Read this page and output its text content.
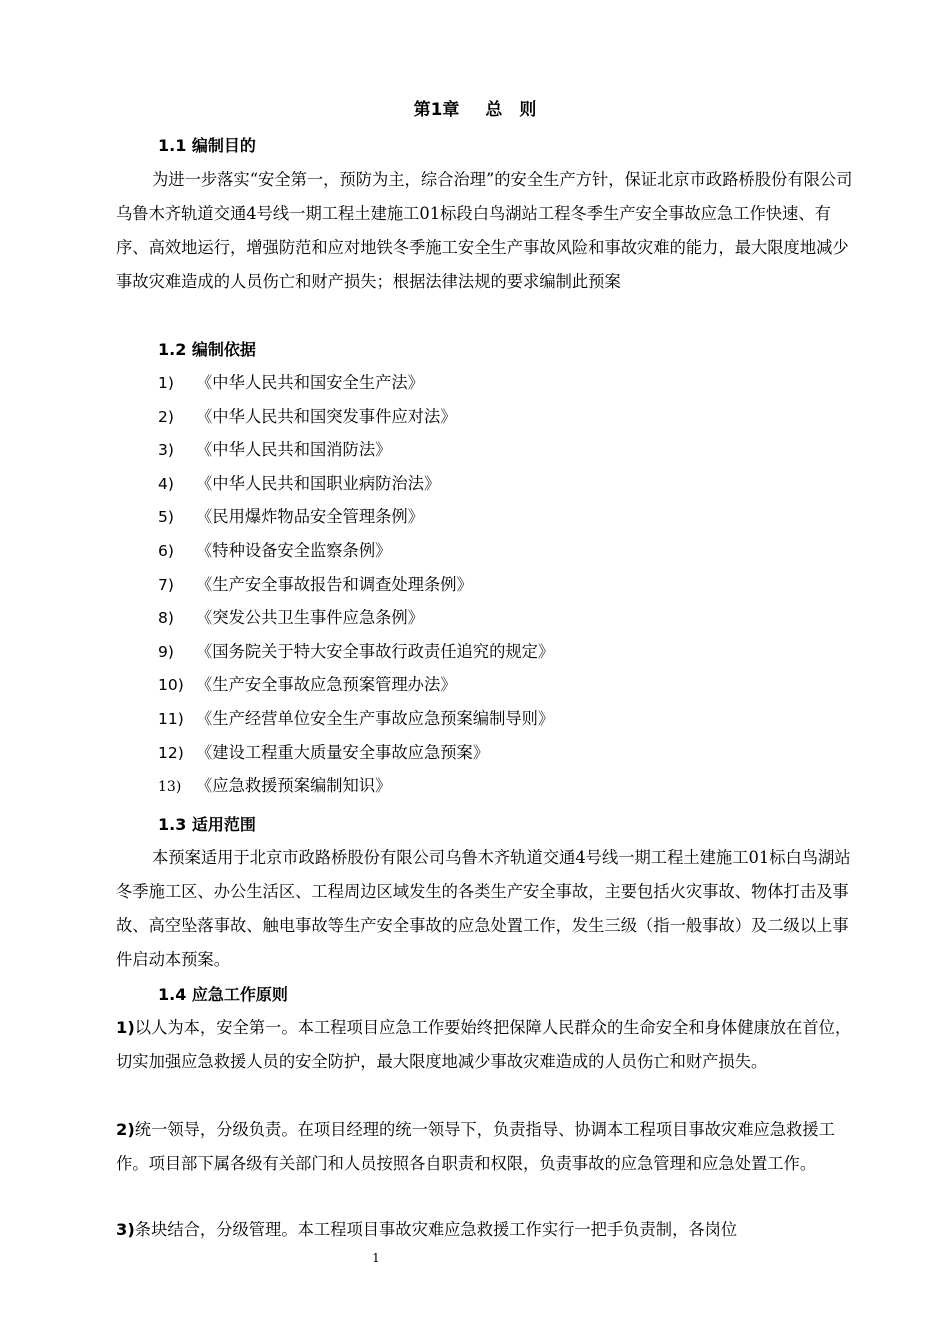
第1章 总　则
1.1 编制目的

为进一步落实“安全第一，预防为主，综合治理”的安全生产方针，保证北京市政路桥股份有限公司乌鲁木齐轨道交通4号线一期工程土建施工01标段白鸟湖站工程冬季生产安全事故应急工作快速、有序、高效地运行，增强防范和应对地铁冬季施工安全生产事故风险和事故灾难的能力，最大限度地减少事故灾难造成的人员伤亡和财产损失；根据法律法规的要求编制此预案

1.2 编制依据
1) 《中华人民共和国安全生产法》
2) 《中华人民共和国突发事件应对法》
3) 《中华人民共和国消防法》
4) 《中华人民共和国职业病防治法》
5) 《民用爆炸物品安全管理条例》
6) 《特种设备安全监察条例》
7) 《生产安全事故报告和调查处理条例》
8) 《突发公共卫生事件应急条例》
9) 《国务院关于特大安全事故行政责任追究的规定》
10) 《生产安全事故应急预案管理办法》
11) 《生产经营单位安全生产事故应急预案编制导则》
12) 《建设工程重大质量安全事故应急预案》
13) 《应急救援预案编制知识》
1.3 适用范围

本预案适用于北京市政路桥股份有限公司乌鲁木齐轨道交通4号线一期工程土建施工01标白鸟湖站冬季施工区、办公生活区、工程周边区域发生的各类生产安全事故，主要包括火灾事故、物体打击及事故、高空坠落事故、触电事故等生产安全事故的应急处置工作，发生三级（指一般事故）及二级以上事件启动本预案。

1.4 应急工作原则

1)以人为本，安全第一。本工程项目应急工作要始终把保障人民群众的生命安全和身体健康放在首位，切实加强应急救援人员的安全防护，最大限度地减少事故灾难造成的人员伤亡和财产损失。

2)统一领导，分级负责。在项目经理的统一领导下，负责指导、协调本工程项目事故灾难应急救援工作。项目部下属各级有关部门和人员按照各自职责和权限，负责事故的应急管理和应急处置工作。

3)条块结合，分级管理。本工程项目事故灾难应急救援工作实行一把手负责制，各岗位

1
